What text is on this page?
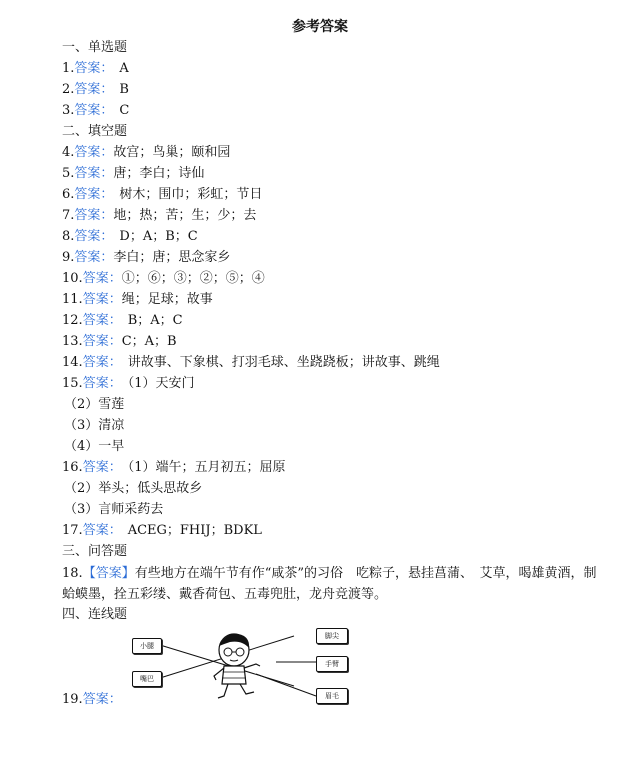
参考答案
一、单选题
1.答案： A
2.答案： B
3.答案： C
二、填空题
4.答案：故宫；鸟巢；颐和园
5.答案：唐；李白；诗仙
6.答案： 树木；围巾；彩虹；节日
7.答案：地；热；苦；生；少；去
8.答案： D；A；B；C
9.答案：李白；唐；思念家乡
10.答案：①；⑥；③；②；⑤；④
11.答案：绳；足球；故事
12.答案： B；A；C
13.答案：C；A；B
14.答案： 讲故事、下象棋、打羽毛球、坐跷跷板；讲故事、跳绳
15.答案： （1）天安门
（2）雪莲
（3）清凉
（4）一早
16.答案： （1）端午；五月初五；屈原
（2）举头；低头思故乡
（3）言师采药去
17.答案： ACEG；FHIJ；BDKL
三、问答题
18.【答案】有些地方在端午节有作“咸茶”的习俗　吃粽子，悬挂菖蒲、　艾草，喝雄黄酒，制蛤蟆墨，拴五彩缕、戴香荷包、五毒兜肚，龙舟竞渡等。
四、连线题
19.答案：
小腿
嘴巴
脚尖
手臂
眉毛
